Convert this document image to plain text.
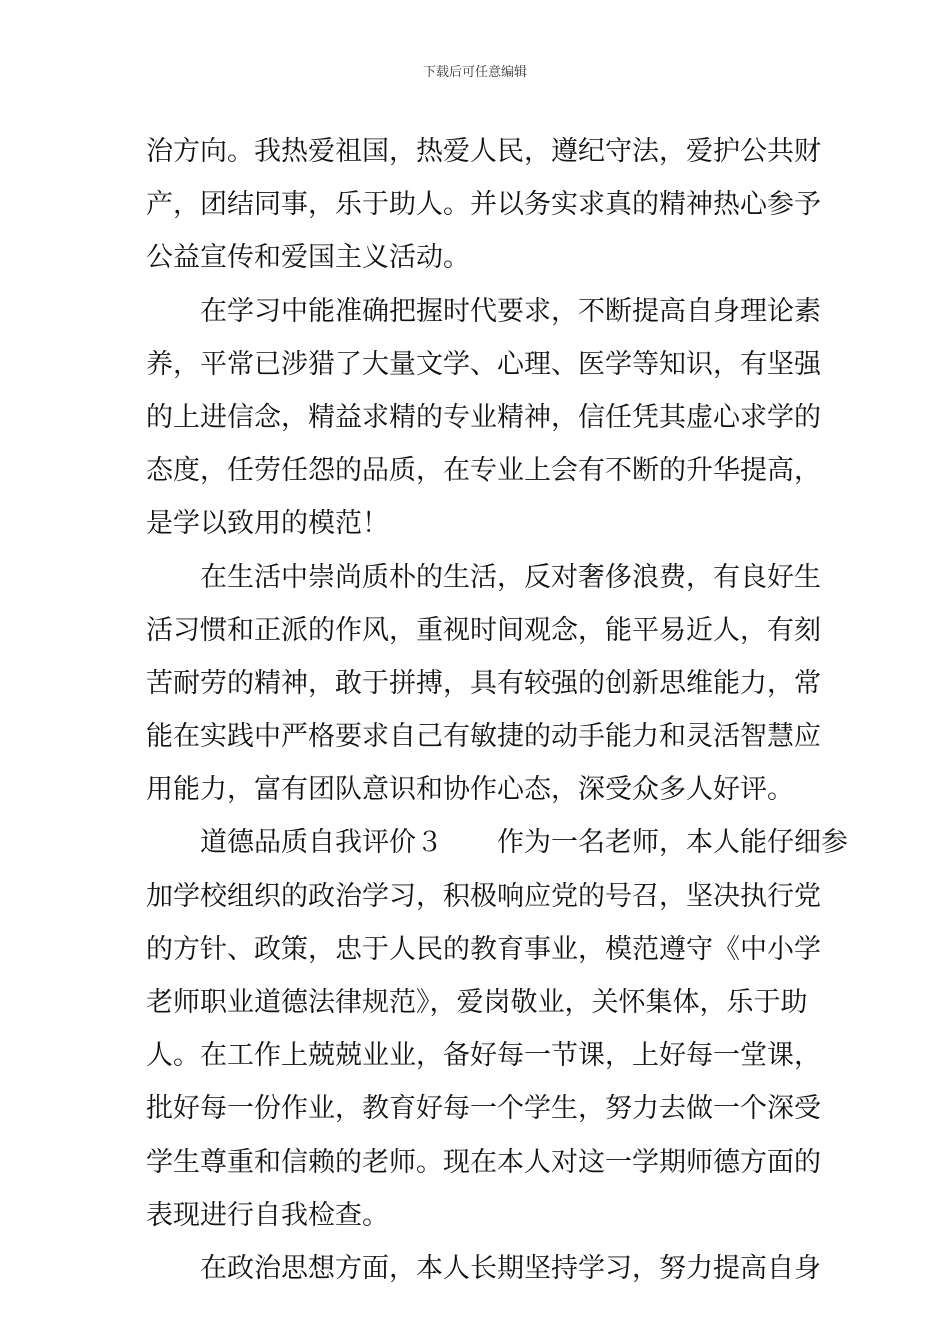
下载后可任意编辑
治方向。我热爱祖国，热爱人民，遵纪守法，爱护公共财
产，团结同事，乐于助人。并以务实求真的精神热心参予
公益宣传和爱国主义活动。
在学习中能准确把握时代要求，不断提高自身理论素
养，平常已涉猎了大量文学、心理、医学等知识，有坚强
的上进信念，精益求精的专业精神，信任凭其虚心求学的
态度，任劳任怨的品质，在专业上会有不断的升华提高，
是学以致用的模范！
在生活中崇尚质朴的生活，反对奢侈浪费，有良好生
活习惯和正派的作风，重视时间观念，能平易近人，有刻
苦耐劳的精神，敢于拼搏，具有较强的创新思维能力，常
能在实践中严格要求自己有敏捷的动手能力和灵活智慧应
用能力，富有团队意识和协作心态，深受众多人好评。
道德品质自我评价３　　作为一名老师，本人能仔细参
加学校组织的政治学习，积极响应党的号召，坚决执行党
的方针、政策，忠于人民的教育事业，模范遵守《中小学
老师职业道德法律规范》，爱岗敬业，关怀集体，乐于助
人。在工作上兢兢业业，备好每一节课，上好每一堂课，
批好每一份作业，教育好每一个学生，努力去做一个深受
学生尊重和信赖的老师。现在本人对这一学期师德方面的
表现进行自我检查。
在政治思想方面，本人长期坚持学习，努力提高自身
